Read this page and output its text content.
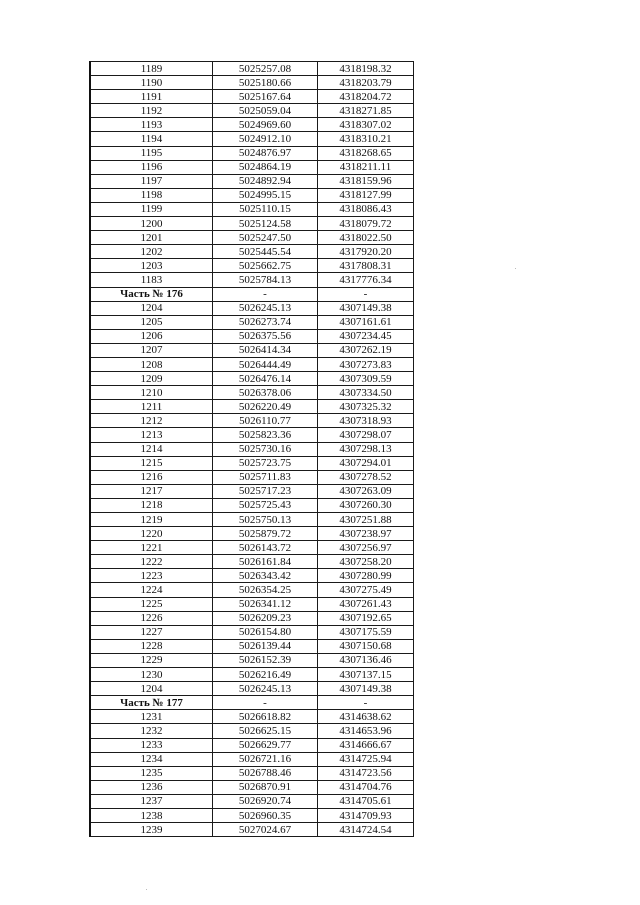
1189	5025257.08	4318198.32
1190	5025180.66	4318203.79
1191	5025167.64	4318204.72
1192	5025059.04	4318271.85
1193	5024969.60	4318307.02
1194	5024912.10	4318310.21
1195	5024876.97	4318268.65
1196	5024864.19	4318211.11
1197	5024892.94	4318159.96
1198	5024995.15	4318127.99
1199	5025110.15	4318086.43
1200	5025124.58	4318079.72
1201	5025247.50	4318022.50
1202	5025445.54	4317920.20
1203	5025662.75	4317808.31
1183	5025784.13	4317776.34
Часть № 176	-	-
1204	5026245.13	4307149.38
1205	5026273.74	4307161.61
1206	5026375.56	4307234.45
1207	5026414.34	4307262.19
1208	5026444.49	4307273.83
1209	5026476.14	4307309.59
1210	5026378.06	4307334.50
1211	5026220.49	4307325.32
1212	5026110.77	4307318.93
1213	5025823.36	4307298.07
1214	5025730.16	4307298.13
1215	5025723.75	4307294.01
1216	5025711.83	4307278.52
1217	5025717.23	4307263.09
1218	5025725.43	4307260.30
1219	5025750.13	4307251.88
1220	5025879.72	4307238.97
1221	5026143.72	4307256.97
1222	5026161.84	4307258.20
1223	5026343.42	4307280.99
1224	5026354.25	4307275.49
1225	5026341.12	4307261.43
1226	5026209.23	4307192.65
1227	5026154.80	4307175.59
1228	5026139.44	4307150.68
1229	5026152.39	4307136.46
1230	5026216.49	4307137.15
1204	5026245.13	4307149.38
Часть № 177	-	-
1231	5026618.82	4314638.62
1232	5026625.15	4314653.96
1233	5026629.77	4314666.67
1234	5026721.16	4314725.94
1235	5026788.46	4314723.56
1236	5026870.91	4314704.76
1237	5026920.74	4314705.61
1238	5026960.35	4314709.93
1239	5027024.67	4314724.54
